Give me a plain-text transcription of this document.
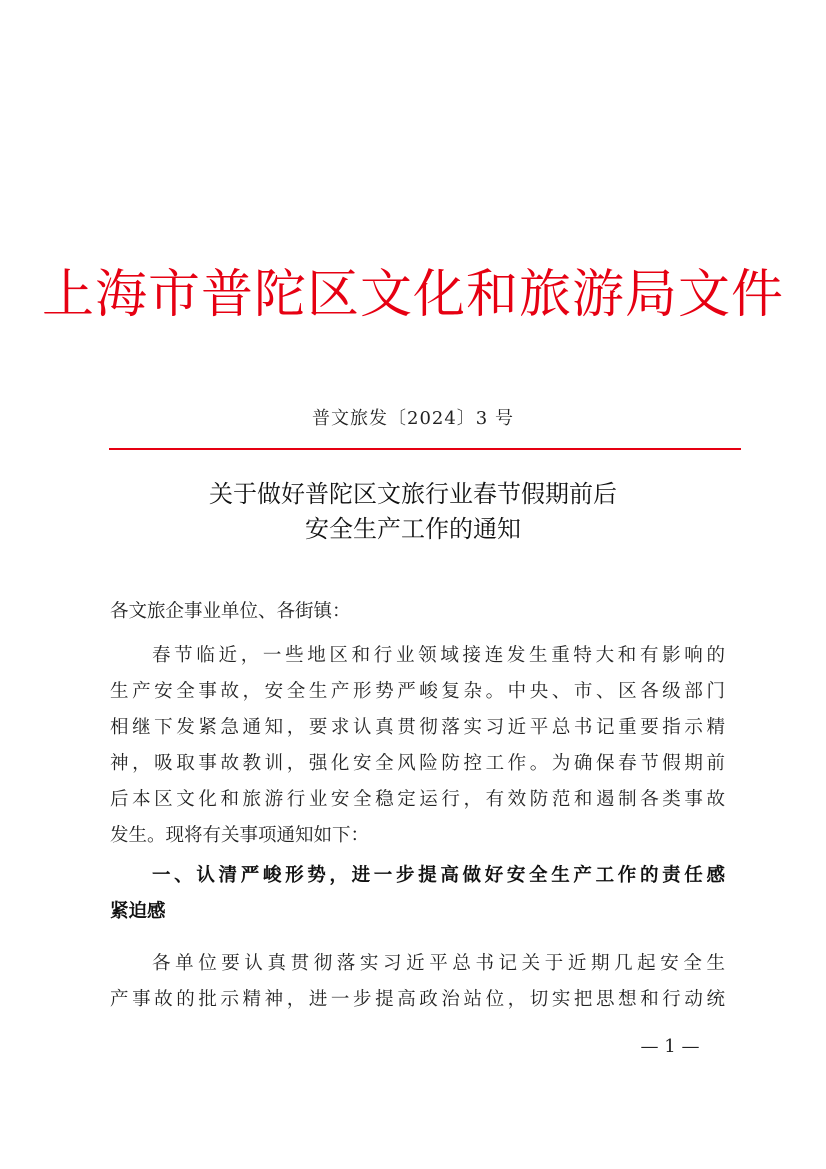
上海市普陀区文化和旅游局文件
普文旅发〔2024〕3 号
关于做好普陀区文旅行业春节假期前后
安全生产工作的通知
各文旅企事业单位、各街镇：
春节临近，一些地区和行业领域接连发生重特大和有影响的
生产安全事故，安全生产形势严峻复杂。中央、市、区各级部门
相继下发紧急通知，要求认真贯彻落实习近平总书记重要指示精
神，吸取事故教训，强化安全风险防控工作。为确保春节假期前
后本区文化和旅游行业安全稳定运行，有效防范和遏制各类事故
发生。现将有关事项通知如下：
一、认清严峻形势，进一步提高做好安全生产工作的责任感
紧迫感
各单位要认真贯彻落实习近平总书记关于近期几起安全生
产事故的批示精神，进一步提高政治站位，切实把思想和行动统
— 1 —
